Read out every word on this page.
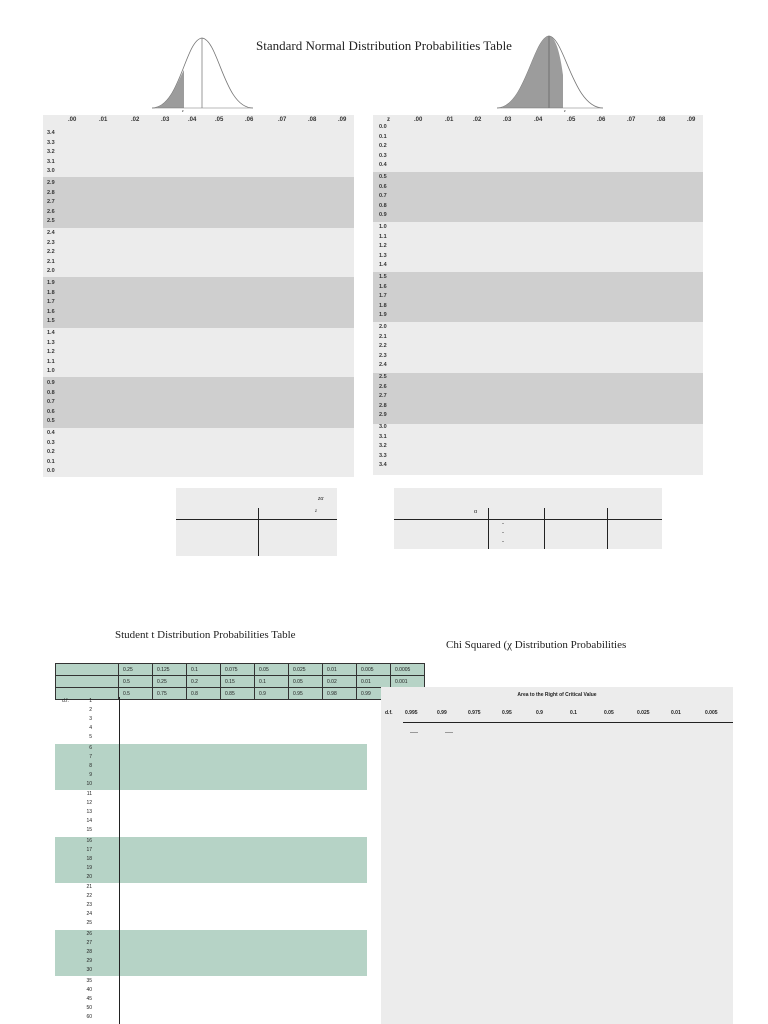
Standard Normal Distribution Probabilities Table
z	z
.00	.01	.02	.03	.04	.05	.06	.07	.08	.09
3.4
3.3
3.2
3.1
3.0
2.9
2.8
2.7
2.6
2.5
2.4
2.3
2.2
2.1
2.0
1.9
1.8
1.7
1.6
1.5
1.4
1.3
1.2
1.1
1.0
0.9
0.8
0.7
0.6
0.5
0.4
0.3
0.2
0.1
0.0
z	.00	.01	.02	.03	.04	.05	.06	.07	.08	.09
0.0
0.1
0.2
0.3
0.4
0.5
0.6
0.7
0.8
0.9
1.0
1.1
1.2
1.3
1.4
1.5
1.6
1.7
1.8
1.9
2.0
2.1
2.2
2.3
2.4
2.5
2.6
2.7
2.8
2.9
3.0
3.1
3.2
3.3
3.4
zα
z	α
-
-
-
Student t Distribution Probabilities Table
	0.25	0.125	0.1	0.075	0.05	0.025	0.01	0.005	0.0005
	0.5	0.25	0.2	0.15	0.1	0.05	0.02	0.01	0.001
	0.5	0.75	0.8	0.85	0.9	0.95	0.98	0.99	
d.f.	1
2
3
4
5
6
7
8
9
10
11
12
13
14
15
16
17
18
19
20
21
22
23
24
25
26
27
28
29
30
35
40
45
50
60
Chi Squared (χ Distribution Probabilities
Area to the Right of Critical Value
d.f.	0.995	0.99	0.975	0.95	0.9	0.1	0.05	0.025	0.01	0.005
